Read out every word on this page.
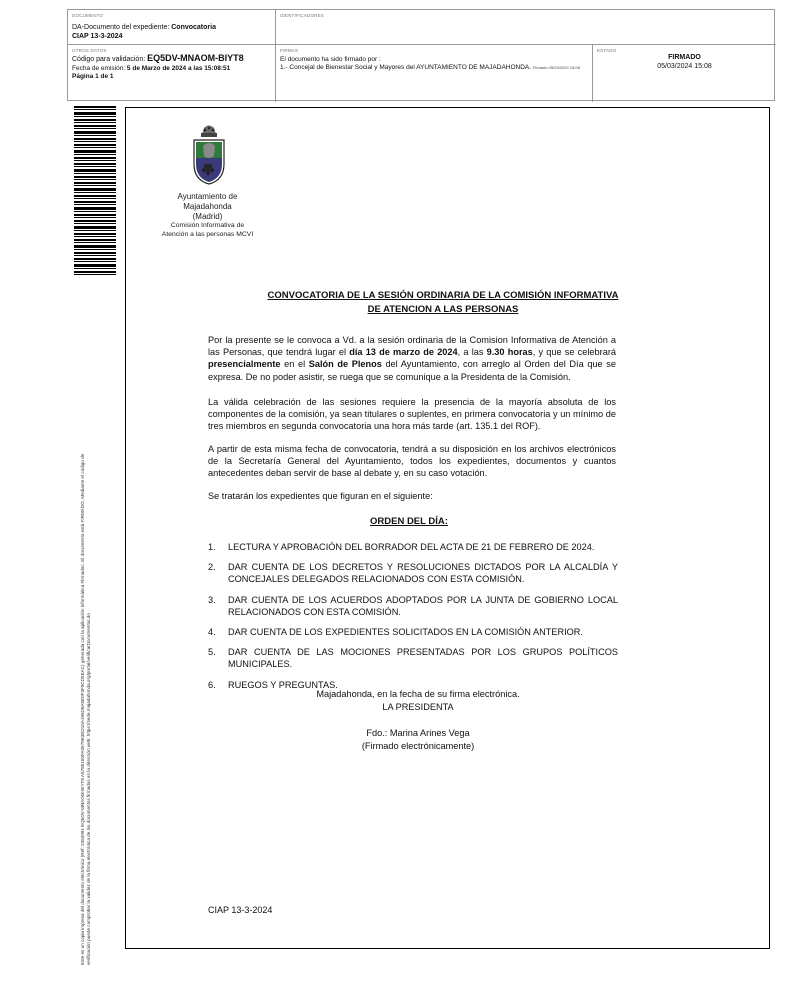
DOCUMENTO
DA-Documento del expediente: Convocatoria
CIAP 13-3-2024
IDENTIFICADORES
OTROS DATOS
Código para validación: EQ5DV-MNAOM-BIYT8
Fecha de emisión: 5 de Marzo de 2024 a las 15:08:51
Página 1 de 1
FIRMAS
El documento ha sido firmado por :
1.- Concejal de Bienestar Social y Mayores del AYUNTAMIENTO DE MAJADAHONDA. Firmado 05/03/2024 15:08
ESTADO
FIRMADO
05/03/2024 15:08
Este es un copia impresa del documento electrónico (Ref: 2353991 EQ5DV-MNAOM-BIYT8 A5785150FA0579E3ED10A195D8A5E0F3F9CD5EAC) generada con la aplicación informática Firmadoc. El documento está FIRMADO. Mediante el código de verificación puede comprobar la validez de la firma electrónica de los documentos firmados en la dirección web: https://sede.majadahonda.org/portal/verificarDocumentos.do
Ayuntamiento de
Majadahonda
(Madrid)
Comisión Informativa de
Atención a las personas MCVI
CONVOCATORIA DE LA SESIÓN ORDINARIA DE LA COMISIÓN INFORMATIVA
DE ATENCION A LAS PERSONAS
Por la presente se le convoca a Vd. a la sesión ordinaria de la Comision Informativa de Atención a las Personas, que tendrá lugar el día 13 de marzo de 2024, a las 9.30 horas, y que se celebrará presencialmente en el Salón de Plenos del Ayuntamiento, con arreglo al Orden del Día que se expresa. De no poder asistir, se ruega que se comunique a la Presidenta de la Comisión.
La válida celebración de las sesiones requiere la presencia de la mayoría absoluta de los componentes de la comisión, ya sean titulares o suplentes, en primera convocatoria y un mínimo de tres miembros en segunda convocatoria una hora más tarde (art. 135.1 del ROF).
A partir de esta misma fecha de convocatoria, tendrá a su disposición en los archivos electrónicos de la Secretaría General del Ayuntamiento, todos los expedientes, documentos y cuantos antecedentes deban servir de base al debate y, en su caso votación.
Se tratarán los expedientes que figuran en el siguiente:
ORDEN DEL DÍA:
1.	LECTURA Y APROBACIÓN DEL BORRADOR DEL ACTA DE 21 DE FEBRERO DE 2024.
2.	DAR CUENTA DE LOS DECRETOS Y RESOLUCIONES DICTADOS POR LA ALCALDÍA Y CONCEJALES DELEGADOS RELACIONADOS CON ESTA COMISIÓN.
3.	DAR CUENTA DE LOS ACUERDOS ADOPTADOS POR LA JUNTA DE GOBIERNO LOCAL RELACIONADOS CON ESTA COMISIÓN.
4.	DAR CUENTA DE LOS EXPEDIENTES SOLICITADOS EN LA COMISIÓN ANTERIOR.
5.	DAR CUENTA DE LAS MOCIONES PRESENTADAS POR LOS GRUPOS POLÍTICOS MUNICIPALES.
6.	RUEGOS Y PREGUNTAS.
Majadahonda, en la fecha de su firma electrónica.
LA PRESIDENTA
Fdo.: Marina Arines Vega
(Firmado electrónicamente)
CIAP 13-3-2024
